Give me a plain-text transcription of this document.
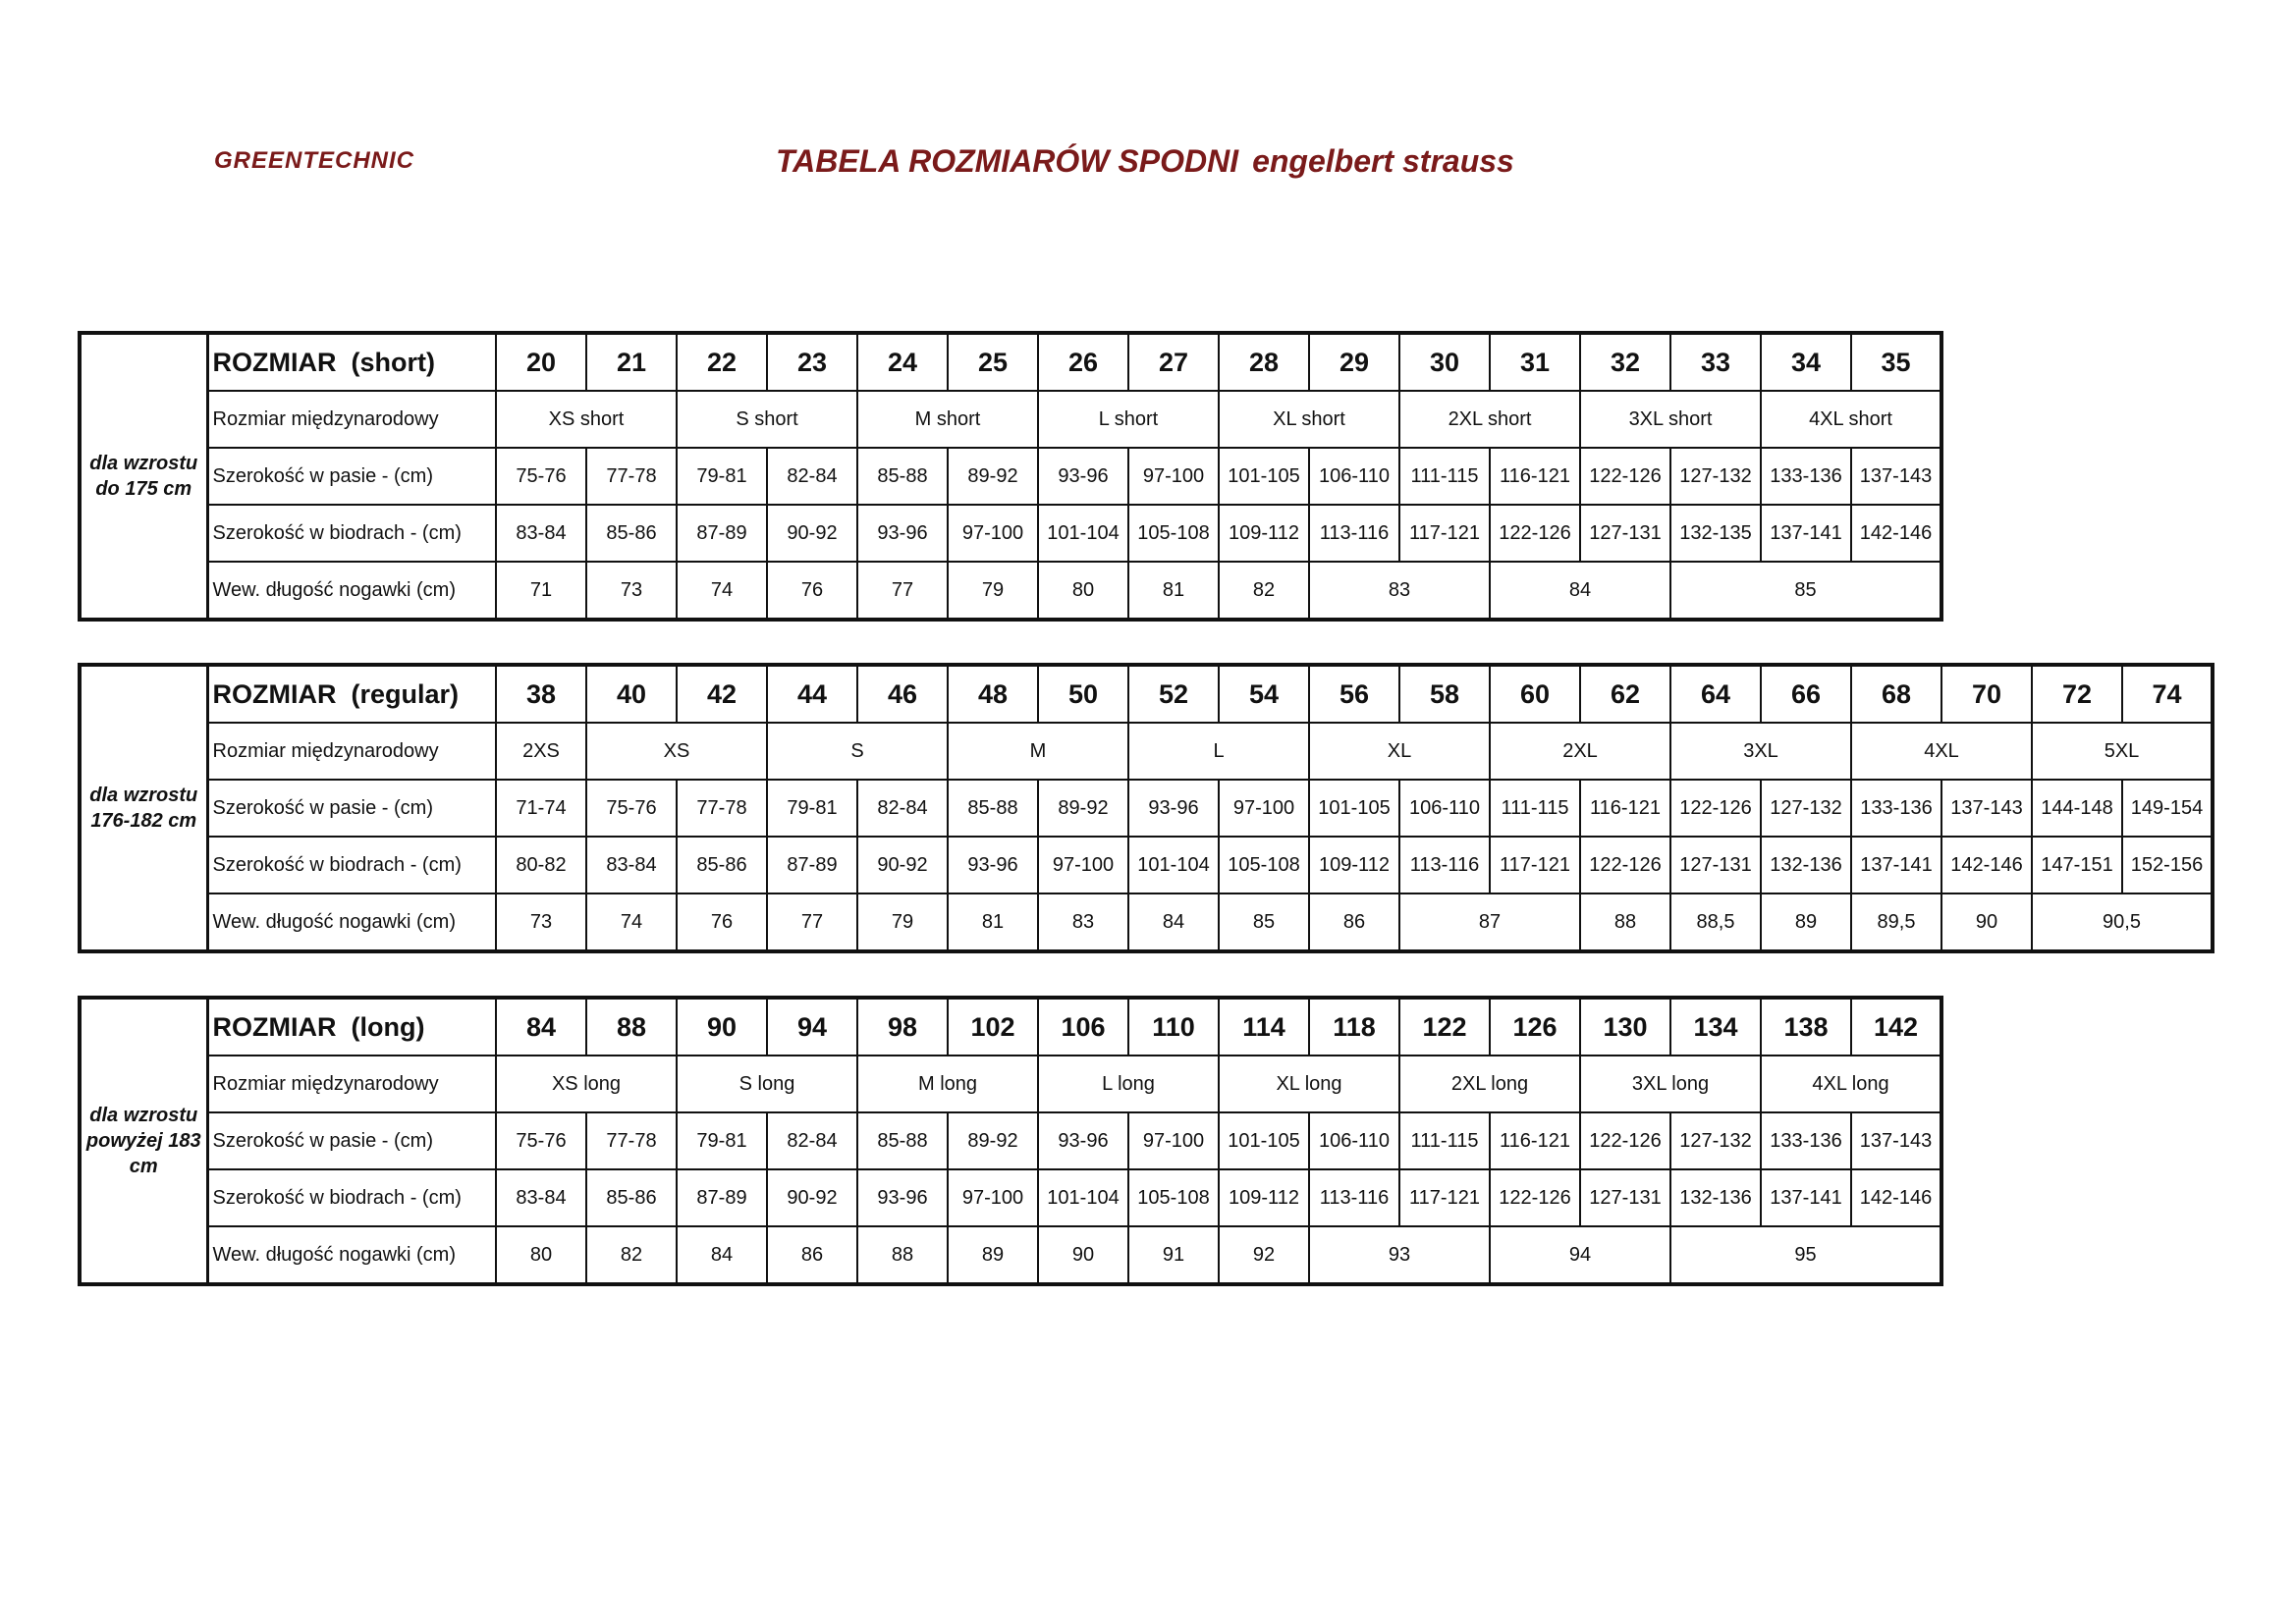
GREENTECHNIC	TABELA ROZMIARÓW SPODNI engelbert strauss
dla wzrostu do 175 cm	ROZMIAR  (short)	20	21	22	23	24	25	26	27	28	29	30	31	32	33	34	35
	Rozmiar międzynarodowy	XS short		S short		M short		L short		XL short		2XL short		3XL short		4XL short	
	Szerokość w pasie - (cm)	75-76	77-78	79-81	82-84	85-88	89-92	93-96	97-100	101-105	106-110	111-115	116-121	122-126	127-132	133-136	137-143
	Szerokość w biodrach - (cm)	83-84	85-86	87-89	90-92	93-96	97-100	101-104	105-108	109-112	113-116	117-121	122-126	127-131	132-135	137-141	142-146
	Wew. długość nogawki (cm)	71	73	74	76	77	79	80	81	82	83		84		85		
dla wzrostu 176-182 cm	ROZMIAR  (regular)	38	40	42	44	46	48	50	52	54	56	58	60	62	64	66	68	70	72	74
	Rozmiar międzynarodowy	2XS	XS		S		M		L		XL		2XL		3XL		4XL		5XL	
	Szerokość w pasie - (cm)	71-74	75-76	77-78	79-81	82-84	85-88	89-92	93-96	97-100	101-105	106-110	111-115	116-121	122-126	127-132	133-136	137-143	144-148	149-154
	Szerokość w biodrach - (cm)	80-82	83-84	85-86	87-89	90-92	93-96	97-100	101-104	105-108	109-112	113-116	117-121	122-126	127-131	132-136	137-141	142-146	147-151	152-156
	Wew. długość nogawki (cm)	73	74	76	77	79	81	83	84	85	86	87		88	88,5	89	89,5	90	90,5	
dla wzrostu powyżej 183 cm	ROZMIAR  (long)	84	88	90	94	98	102	106	110	114	118	122	126	130	134	138	142
	Rozmiar międzynarodowy	XS long		S long		M long		L long		XL long		2XL long		3XL long		4XL long	
	Szerokość w pasie - (cm)	75-76	77-78	79-81	82-84	85-88	89-92	93-96	97-100	101-105	106-110	111-115	116-121	122-126	127-132	133-136	137-143
	Szerokość w biodrach - (cm)	83-84	85-86	87-89	90-92	93-96	97-100	101-104	105-108	109-112	113-116	117-121	122-126	127-131	132-136	137-141	142-146
	Wew. długość nogawki (cm)	80	82	84	86	88	89	90	91	92	93		94		95		
